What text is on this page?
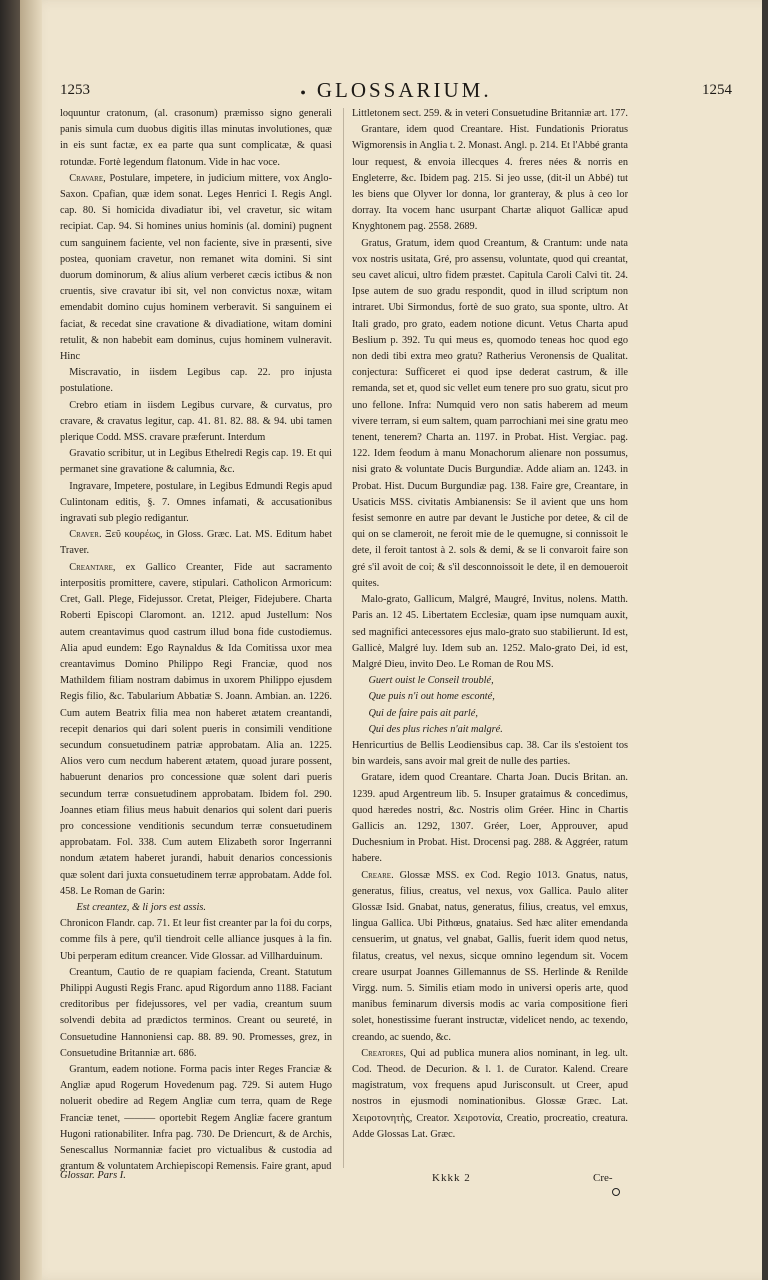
1253	● GLOSSARIUM.	1254

loquuntur cratonum, (al. crasonum) præmisso signo generali panis simula cum duobus digitis illas minutas involutiones, quæ in eis sunt factæ, ex ea parte qua sunt complicatæ, & quasi rotundæ. Fortè legendum flatonum. Vide in hac voce.

Cravare, Postulare, impetere, in judicium mittere, vox Anglo-Saxon. Cpafian, quæ idem sonat. Leges Henrici I. Regis Angl. cap. 80. Si homicida divadiatur ibi, vel cravetur, sic witam recipiat. Cap. 94. Si homines unius hominis (al. domini) pugnent cum sanguinem faciente, vel non faciente, sive in præsenti, sive postea, quoniam cravetur, non remanet wita domini. Si sint duorum dominorum, & alius alium verberet cæcis ictibus & non cruentis, sive cravatur ibi sit, vel non convictus noxæ, witam emendabit domino cujus hominem verberavit. Si sanguinem ei faciat, & recedat sine cravatione & divadiatione, witam domini retulit, & non habebit eam dominus, cujus hominem vulneravit. Hinc

Miscravatio, in iisdem Legibus cap. 22. pro injusta postulatione.

Crebro etiam in iisdem Legibus curvare, & curvatus, pro cravare, & cravatus legitur, cap. 41. 81. 82. 88. & 94. ubi tamen plerique Codd. MSS. cravare præferunt. Interdum

Gravatio scribitur, ut in Legibus Ethelredi Regis cap. 19. Et qui permanet sine gravatione & calumnia, &c.

Ingravare, Impetere, postulare, in Legibus Edmundi Regis apud Culintonam editis, §. 7. Omnes infamati, & accusationibus ingravati sub plegio redigantur.

Craver. Ξεῦ κουρέως, in Gloss. Græc. Lat. MS. Editum habet Traver.

Creantare, ex Gallico Creanter, Fide aut sacramento interpositis promittere, cavere, stipulari. Catholicon Armoricum: Cret, Gall. Plege, Fidejussor. Cretat, Pleiger, Fidejubere. Charta Roberti Episcopi Claromont. an. 1212. apud Justellum: Nos autem creantavimus quod castrum illud bona fide custodiemus. Alia apud eundem: Ego Raynaldus & Ida Comitissa uxor mea creantavimus Domino Philippo Regi Franciæ, quod nos Mathildem filiam nostram dabimus in uxorem Philippo ejusdem Regis filio, &c. Tabularium Abbatiæ S. Joann. Ambian. an. 1226. Cum autem Beatrix filia mea non haberet ætatem creantandi, recepit denarios qui dari solent pueris in consimili venditione secundum consuetudinem patriæ approbatam. Alia an. 1225. Alios vero cum necdum haberent ætatem, quoad jurare possent, habuerunt denarios pro concessione quæ solent dari pueris secundum terræ consuetudinem approbatam. Ibidem fol. 290. Joannes etiam filius meus habuit denarios qui solent dari pueris pro concessione venditionis secundum terræ consuetudinem approbatam. Fol. 338. Cum autem Elizabeth soror Ingerranni nondum ætatem haberet jurandi, habuit denarios concessionis quæ solent dari juxta consuetudinem terræ approbatam. Adde fol. 458. Le Roman de Garin:

Est creantez, & li jors est assis.

Chronicon Flandr. cap. 71. Et leur fist creanter par la foi du corps, comme fils à pere, qu'il tiendroit celle alliance jusques à la fin. Ubi perperam editum creancer. Vide Glossar. ad Villharduinum.

Creantum, Cautio de re quapiam facienda, Creant. Statutum Philippi Augusti Regis Franc. apud Rigordum anno 1188. Faciant creditoribus per fidejussores, vel per vadia, creantum suum solvendi debita ad prædictos terminos. Creant ou seureté, in Consuetudine Hannoniensi cap. 88. 89. 90. Promesses, grez, in Consuetudine Britanniæ art. 686.

Grantum, eadem notione. Forma pacis inter Reges Franciæ & Angliæ apud Rogerum Hovedenum pag. 729. Si autem Hugo noluerit obedire ad Regem Angliæ cum terra, quam de Rege Franciæ tenet, ——— oportebit Regem Angliæ facere grantum Hugoni rationabiliter. Infra pag. 730. De Driencurt, & de Archis, Senescallus Normanniæ faciet pro victualibus & custodia ad grantum & voluntatem Archiepiscopi Remensis. Faire grant, apud

Littletonem sect. 259. & in veteri Consuetudine Britanniæ art. 177.

Grantare, idem quod Creantare. Hist. Fundationis Prioratus Wigmorensis in Anglia t. 2. Monast. Angl. p. 214. Et l'Abbé granta lour request, & envoia illecques 4. freres nées & norris en Engleterre, &c. Ibidem pag. 215. Si jeo usse, (dit-il un Abbé) tut les biens que Olyver lor donna, lor granteray, & plus à ceo lor dorray. Ita vocem hanc usurpant Chartæ aliquot Gallicæ apud Knyghtonem pag. 2558. 2689.

Gratus, Gratum, idem quod Creantum, & Crantum: unde nata vox nostris usitata, Gré, pro assensu, voluntate, quod qui creantat, seu cavet alicui, ultro fidem præstet. Capitula Caroli Calvi tit. 24. Ipse autem de suo gradu respondit, quod in illud scriptum non intraret. Ubi Sirmondus, fortè de suo grato, sua sponte, ultro. At Itali grado, pro grato, eadem notione dicunt. Vetus Charta apud Beslium p. 392. Tu qui meus es, quomodo teneas hoc quod ego non dedi tibi extra meo gratu? Ratherius Veronensis de Qualitat. conjectura: Sufficeret ei quod ipse dederat castrum, & ille remanda, set et, quod sic vellet eum tenere pro suo gratu, sicut pro uno fellone. Infra: Numquid vero non satis haberem ad meum vivere terram, si eum saltem, quam parrochiani mei sine gratu meo tenent, tenerem? Charta an. 1197. in Probat. Hist. Vergiac. pag. 122. Idem feodum à manu Monachorum alienare non possumus, nisi grato & voluntate Ducis Burgundiæ. Adde aliam an. 1243. in Probat. Hist. Ducum Burgundiæ pag. 138. Faire gre, Creantare, in Usaticis MSS. civitatis Ambianensis: Se il avient que uns hom fesist semonre en autre par devant le Justiche por detee, & cil de qui on se clameroit, ne feroit mie de le quemugne, si connissoit le dete, il feroit tantost à 2. sols & demi, & se li convaroit faire son gré s'il avoit de coi; & s'il desconnoissoit le dete, il en demoueroit quites.

Malo-grato, Gallicum, Malgré, Maugré, Invitus, nolens. Matth. Paris an. 12 45. Libertatem Ecclesiæ, quam ipse numquam auxit, sed magnifici antecessores ejus malo-grato suo stabilierunt. Id est, Gallicè, Malgré luy. Idem sub an. 1252. Malo-grato Dei, id est, Malgré Dieu, invito Deo. Le Roman de Rou MS.

Guert ouist le Conseil troublé,

Que puis n'i out home esconté,

Qui de faire pais ait parlé,

Qui des plus riches n'ait malgré.

Henricurtius de Bellis Leodiensibus cap. 38. Car ils s'estoient tos bin wardeis, sans avoir mal greit de nulle des parties.

Gratare, idem quod Creantare. Charta Joan. Ducis Britan. an. 1239. apud Argentreum lib. 5. Insuper grataimus & concedimus, quod hæredes nostri, &c. Nostris olim Gréer. Hinc in Chartis Gallicis an. 1292, 1307. Gréer, Loer, Approuver, apud Duchesnium in Probat. Hist. Drocensi pag. 288. & Aggréer, ratum habere.

Creare. Glossæ MSS. ex Cod. Regio 1013. Gnatus, natus, generatus, filius, creatus, vel nexus, vox Gallica. Paulo aliter Glossæ Isid. Gnabat, natus, generatus, filius, creatus, vel emxus, lingua Gallica. Ubi Pithœus, gnataius. Sed hæc aliter emendanda censuerim, ut gnatus, vel gnabat, Gallis, fuerit idem quod netus, filatus, creatus, vel nexus, sicque omnino legendum sit. Vocem creare usurpat Joannes Gillemannus de SS. Herlinde & Renilde Virgg. num. 5. Similis etiam modo in universi operis arte, quod manibus feminarum diversis modis ac varia compositione fieri solet, honestissime fuerant instructæ, videlicet nendo, ac texendo, creando, ac suendo, &c.

Creatores, Qui ad publica munera alios nominant, in leg. ult. Cod. Theod. de Decurion. & l. 1. de Curator. Kalend. Creare magistratum, vox frequens apud Jurisconsult. ut Creer, apud nostros in ejusmodi nominationibus. Glossæ Græc. Lat. Χειροτονητὴς, Creator. Χειροτονία, Creatio, procreatio, creatura. Adde Glossas Lat. Græc.

Glossar. Pars I.	Kkkk 2	Cre-
